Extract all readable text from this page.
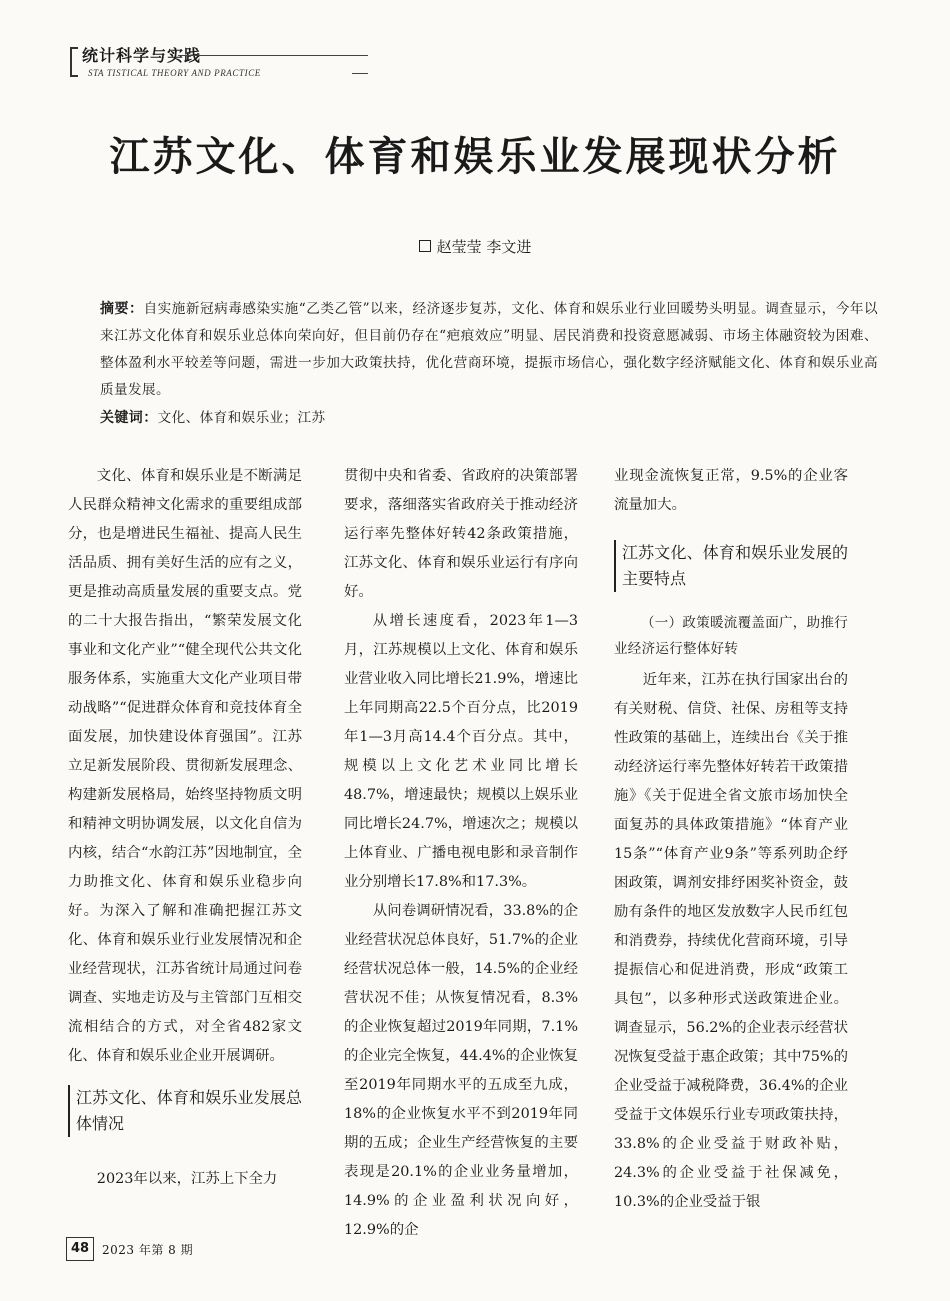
统计科学与实践
STA TISTICAL THEORY AND PRACTICE
江苏文化、体育和娱乐业发展现状分析
赵莹莹 李文进
摘要：自实施新冠病毒感染实施“乙类乙管”以来，经济逐步复苏，文化、体育和娱乐业行业回暖势头明显。调查显示，今年以来江苏文化体育和娱乐业总体向荣向好，但目前仍存在“疤痕效应”明显、居民消费和投资意愿减弱、市场主体融资较为困难、整体盈利水平较差等问题，需进一步加大政策扶持，优化营商环境，提振市场信心，强化数字经济赋能文化、体育和娱乐业高质量发展。
关键词：文化、体育和娱乐业；江苏

文化、体育和娱乐业是不断满足人民群众精神文化需求的重要组成部分，也是增进民生福祉、提高人民生活品质、拥有美好生活的应有之义，更是推动高质量发展的重要支点。党的二十大报告指出，“繁荣发展文化事业和文化产业”“健全现代公共文化服务体系，实施重大文化产业项目带动战略”“促进群众体育和竞技体育全面发展，加快建设体育强国”。江苏立足新发展阶段、贯彻新发展理念、构建新发展格局，始终坚持物质文明和精神文明协调发展，以文化自信为内核，结合“水韵江苏”因地制宜，全力助推文化、体育和娱乐业稳步向好。为深入了解和准确把握江苏文化、体育和娱乐业行业发展情况和企业经营现状，江苏省统计局通过问卷调查、实地走访及与主管部门互相交流相结合的方式，对全省482家文化、体育和娱乐业企业开展调研。

江苏文化、体育和娱乐业发展总体情况

2023年以来，江苏上下全力

贯彻中央和省委、省政府的决策部署要求，落细落实省政府关于推动经济运行率先整体好转42条政策措施，江苏文化、体育和娱乐业运行有序向好。

从增长速度看，2023年1—3月，江苏规模以上文化、体育和娱乐业营业收入同比增长21.9%，增速比上年同期高22.5个百分点，比2019年1—3月高14.4个百分点。其中，规模以上文化艺术业同比增长48.7%，增速最快；规模以上娱乐业同比增长24.7%，增速次之；规模以上体育业、广播电视电影和录音制作业分别增长17.8%和17.3%。

从问卷调研情况看，33.8%的企业经营状况总体良好，51.7%的企业经营状况总体一般，14.5%的企业经营状况不佳；从恢复情况看，8.3%的企业恢复超过2019年同期，7.1%的企业完全恢复，44.4%的企业恢复至2019年同期水平的五成至九成，18%的企业恢复水平不到2019年同期的五成；企业生产经营恢复的主要表现是20.1%的企业业务量增加，14.9%的企业盈利状况向好，12.9%的企

业现金流恢复正常，9.5%的企业客流量加大。

江苏文化、体育和娱乐业发展的主要特点
（一）政策暖流覆盖面广，助推行业经济运行整体好转

近年来，江苏在执行国家出台的有关财税、信贷、社保、房租等支持性政策的基础上，连续出台《关于推动经济运行率先整体好转若干政策措施》《关于促进全省文旅市场加快全面复苏的具体政策措施》“体育产业15条”“体育产业9条”等系列助企纾困政策，调剂安排纾困奖补资金，鼓励有条件的地区发放数字人民币红包和消费券，持续优化营商环境，引导提振信心和促进消费，形成“政策工具包”，以多种形式送政策进企业。调查显示，56.2%的企业表示经营状况恢复受益于惠企政策；其中75%的企业受益于减税降费，36.4%的企业受益于文体娱乐行业专项政策扶持，33.8%的企业受益于财政补贴，24.3%的企业受益于社保减免，10.3%的企业受益于银

48	2023 年第 8 期
